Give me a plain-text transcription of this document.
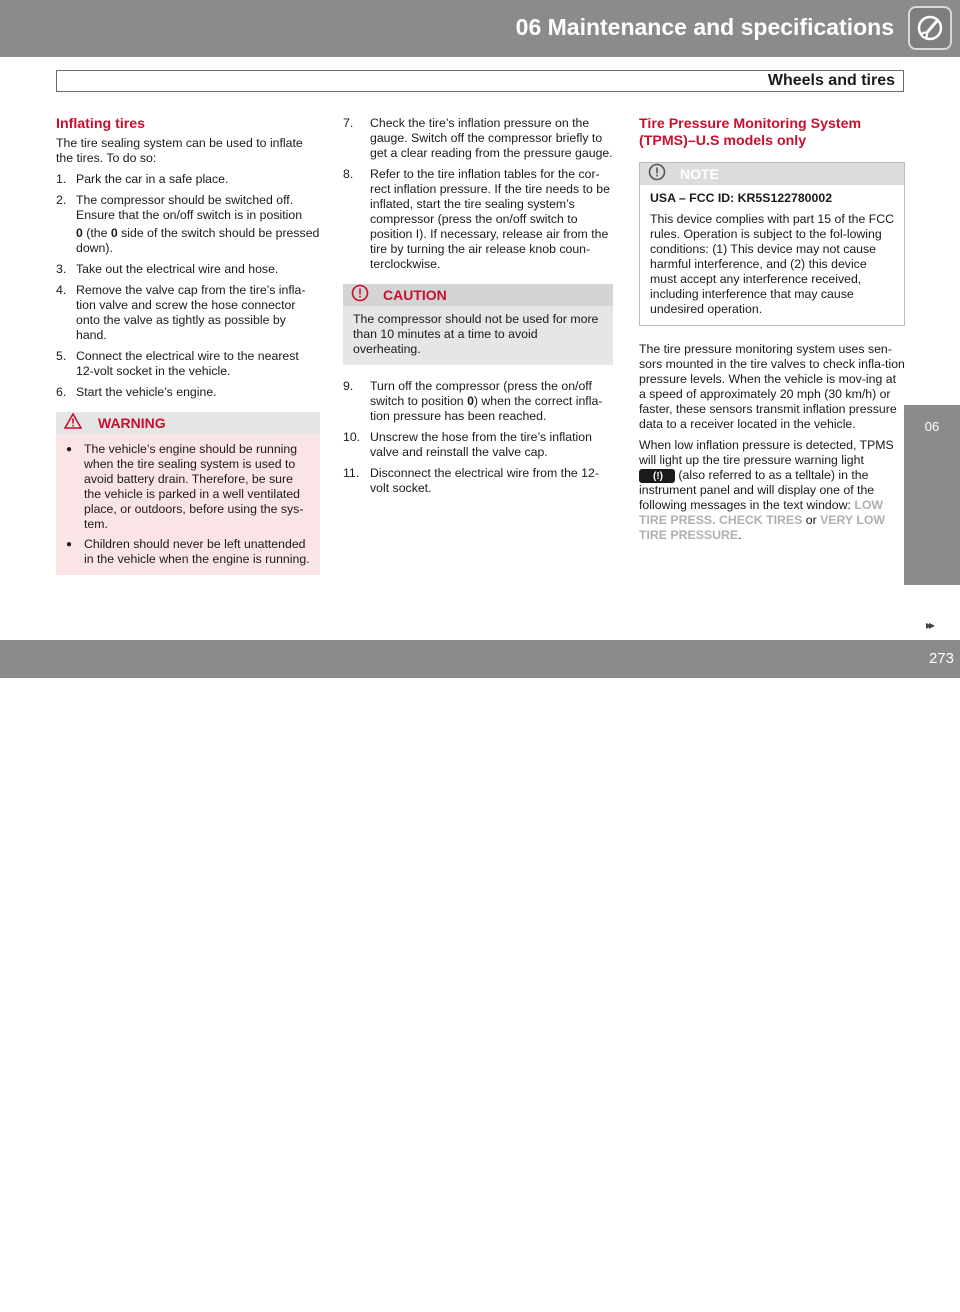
06 Maintenance and specifications
Wheels and tires
Inflating tires

The tire sealing system can be used to inflate the tires. To do so:

1. Park the car in a safe place.
2. The compressor should be switched off. Ensure that the on/off switch is in position
0 (the 0 side of the switch should be pressed down).
3. Take out the electrical wire and hose.
4. Remove the valve cap from the tire’s infla-tion valve and screw the hose connector onto the valve as tightly as possible by hand.
5. Connect the electrical wire to the nearest 12-volt socket in the vehicle.
6. Start the vehicle’s engine.
WARNING
● The vehicle’s engine should be running when the tire sealing system is used to avoid battery drain. Therefore, be sure the vehicle is parked in a well ventilated place, or outdoors, before using the sys-tem.
● Children should never be left unattended in the vehicle when the engine is running.
7.	Check the tire’s inflation pressure on the gauge. Switch off the compressor briefly to get a clear reading from the pressure gauge.
8.	Refer to the tire inflation tables for the cor-rect inflation pressure. If the tire needs to be inflated, start the tire sealing system’s compressor (press the on/off switch to position I). If necessary, release air from the tire by turning the air release knob coun-terclockwise.
CAUTION
The compressor should not be used for more than 10 minutes at a time to avoid overheating.
9.	Turn off the compressor (press the on/off switch to position 0) when the correct infla-tion pressure has been reached.
10. Unscrew the hose from the tire’s inflation valve and reinstall the valve cap.
11. Disconnect the electrical wire from the 12-volt socket.
Tire Pressure Monitoring System (TPMS)–U.S models only
NOTE

USA – FCC ID: KR5S122780002

This device complies with part 15 of the FCC rules. Operation is subject to the fol-lowing conditions: (1) This device may not cause harmful interference, and (2) this device must accept any interference received, including interference that may cause undesired operation.

The tire pressure monitoring system uses sen-sors mounted in the tire valves to check infla-tion pressure levels. When the vehicle is mov-ing at a speed of approximately 20 mph (30 km/h) or faster, these sensors transmit inflation pressure data to a receiver located in the vehicle.

When low inflation pressure is detected, TPMS will light up the tire pressure warning light

(!) (also referred to as a telltale) in the instrument panel and will display one of the following messages in the text window: LOW TIRE PRESS. CHECK TIRES or VERY LOW TIRE PRESSURE.

06
▸▸
carmanualsonline.info
273
